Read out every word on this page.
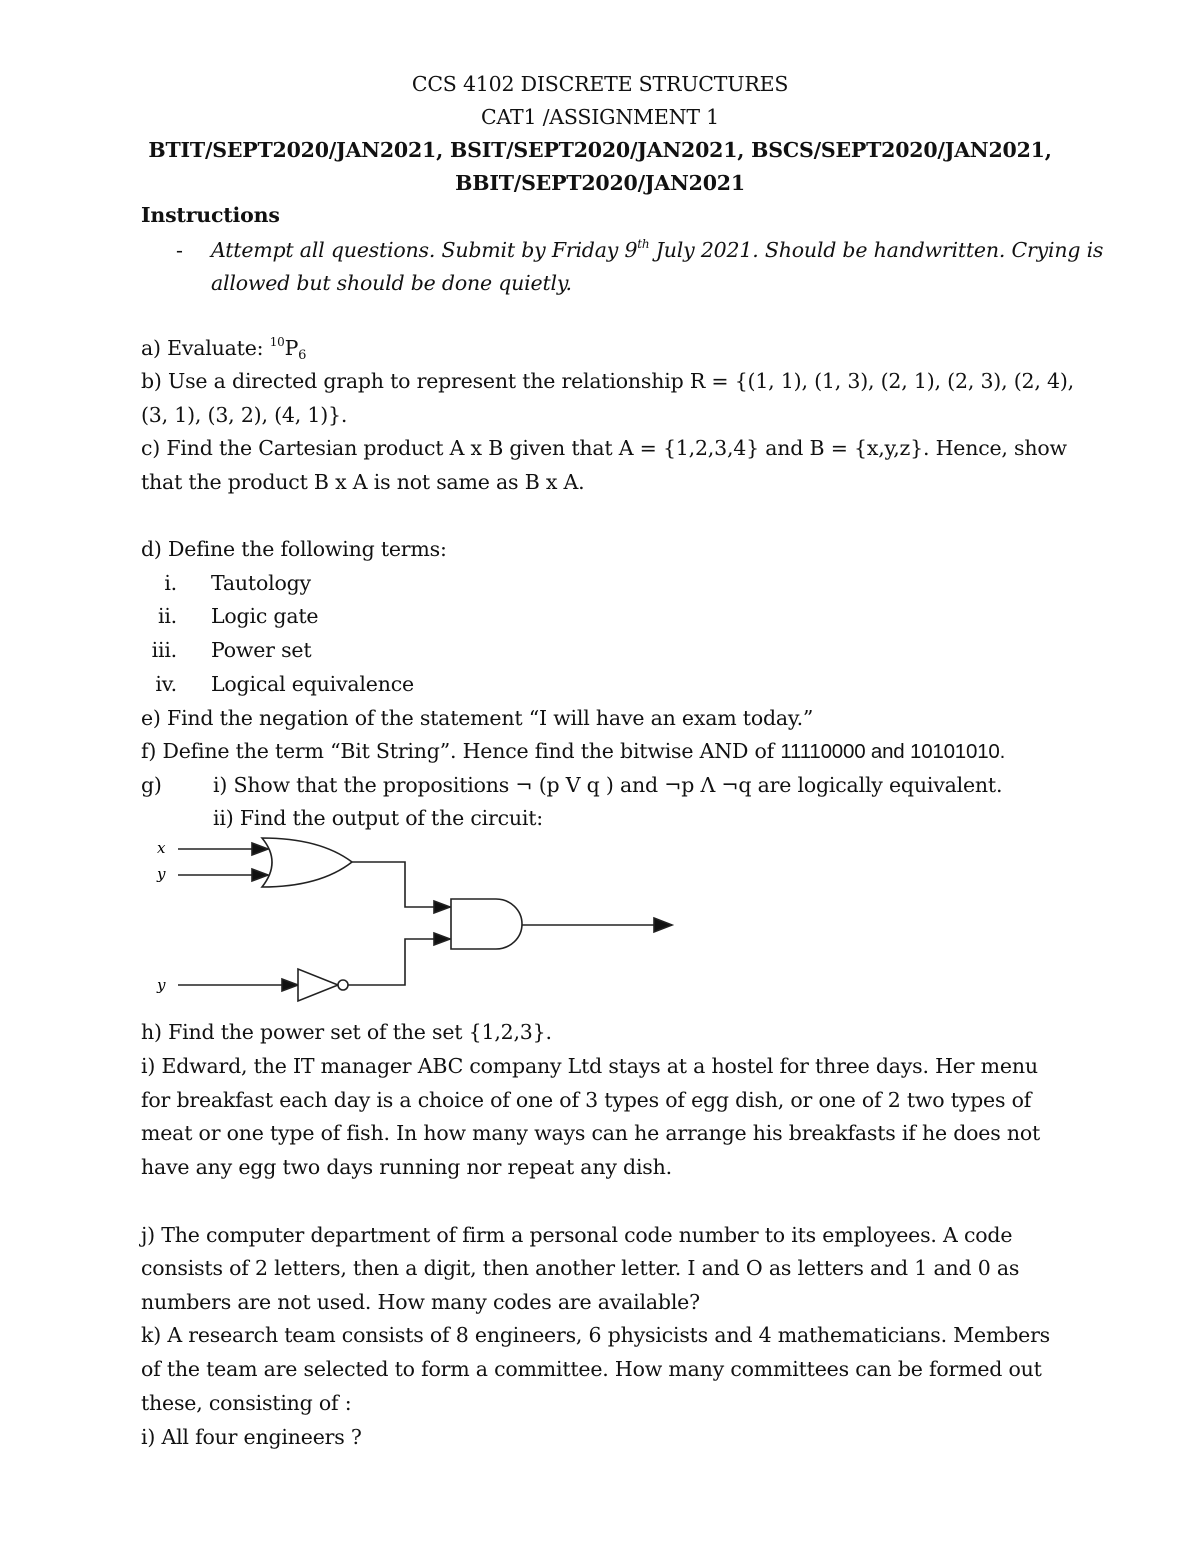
CCS 4102 DISCRETE STRUCTURES
CAT1 /ASSIGNMENT 1
BTIT/SEPT2020/JAN2021, BSIT/SEPT2020/JAN2021, BSCS/SEPT2020/JAN2021,
BBIT/SEPT2020/JAN2021
Instructions
- Attempt all questions. Submit by Friday 9th July 2021. Should be handwritten. Crying is
allowed but should be done quietly.
a) Evaluate: $^{10}P_6$
b) Use a directed graph to represent the relationship R = {(1, 1), (1, 3), (2, 1), (2, 3), (2, 4),
(3, 1), (3, 2), (4, 1)}.
c) Find the Cartesian product A x B given that A = {1,2,3,4} and B = {x,y,z}. Hence, show
that the product B x A is not same as B x A.
d) Define the following terms:
i. Tautology
ii. Logic gate
iii. Power set
iv. Logical equivalence
e) Find the negation of the statement “I will have an exam today.”
f) Define the term “Bit String”. Hence find the bitwise AND of 11110000 and 10101010.
g)	i) Show that the propositions ¬ (p V q ) and ¬p Λ ¬q are logically equivalent.
ii) Find the output of the circuit:
x
y
y
h) Find the power set of the set {1,2,3}.
i) Edward, the IT manager ABC company Ltd stays at a hostel for three days. Her menu
for breakfast each day is a choice of one of 3 types of egg dish, or one of 2 two types of
meat or one type of fish. In how many ways can he arrange his breakfasts if he does not
have any egg two days running nor repeat any dish.
j) The computer department of firm a personal code number to its employees. A code
consists of 2 letters, then a digit, then another letter. I and O as letters and 1 and 0 as
numbers are not used. How many codes are available?
k) A research team consists of 8 engineers, 6 physicists and 4 mathematicians. Members
of the team are selected to form a committee. How many committees can be formed out
these, consisting of :
i) All four engineers ?
